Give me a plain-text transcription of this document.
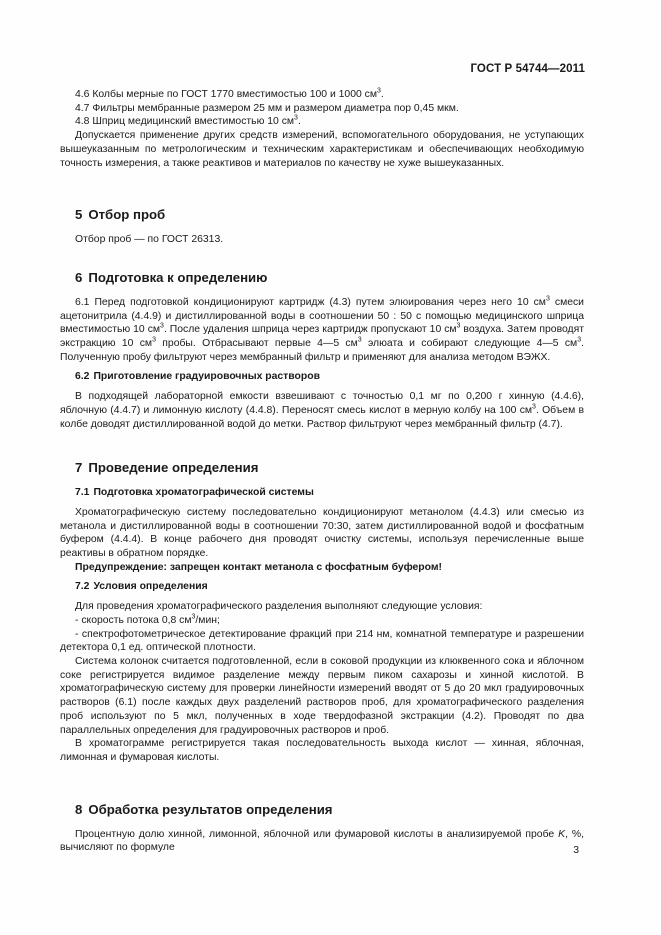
ГОСТ Р 54744—2011

4.6 Колбы мерные по ГОСТ 1770 вместимостью 100 и 1000 $см^3$.

4.7 Фильтры мембранные размером 25 мм и размером диаметра пор 0,45 мкм.

4.8 Шприц медицинский вместимостью 10 $см^3$.

Допускается применение других средств измерений, вспомогательного оборудования, не уступающих вышеуказанным по метрологическим и техническим характеристикам и обеспечивающих необходимую точность измерения, а также реактивов и материалов по качеству не хуже вышеуказанных.

5 Отбор проб

Отбор проб — по ГОСТ 26313.

6 Подготовка к определению

6.1 Перед подготовкой кондиционируют картридж (4.3) путем элюирования через него 10 $см^3$ смеси ацетонитрила (4.4.9) и дистиллированной воды в соотношении 50 : 50 с помощью медицинского шприца вместимостью 10 $см^3$. После удаления шприца через картридж пропускают 10 $см^3$ воздуха. Затем проводят экстракцию 10 $см^3$ пробы. Отбрасывают первые 4—5 $см^3$ элюата и собирают следующие 4—5 $см^3$. Полученную пробу фильтруют через мембранный фильтр и применяют для анализа методом ВЭЖХ.

6.2 Приготовление градуировочных растворов

В подходящей лабораторной емкости взвешивают с точностью 0,1 мг по 0,200 г хинную (4.4.6), яблочную (4.4.7) и лимонную кислоту (4.4.8). Переносят смесь кислот в мерную колбу на 100 $см^3$. Объем в колбе доводят дистиллированной водой до метки. Раствор фильтруют через мембранный фильтр (4.7).

7 Проведение определения
7.1 Подготовка хроматографической системы

Хроматографическую систему последовательно кондиционируют метанолом (4.4.3) или смесью из метанола и дистиллированной воды в соотношении 70:30, затем дистиллированной водой и фосфатным буфером (4.4.4). В конце рабочего дня проводят очистку системы, используя перечисленные выше реактивы в обратном порядке.

Предупреждение: запрещен контакт метанола с фосфатным буфером!

7.2 Условия определения

Для проведения хроматографического разделения выполняют следующие условия:

- скорость потока 0,8 $см^3$/мин;

- спектрофотометрическое детектирование фракций при 214 нм, комнатной температуре и разрешении детектора 0,1 ед. оптической плотности.

Система колонок считается подготовленной, если в соковой продукции из клюквенного сока и яблочном соке регистрируется видимое разделение между первым пиком сахарозы и хинной кислотой. В хроматографическую систему для проверки линейности измерений вводят от 5 до 20 мкл градуировочных растворов (6.1) после каждых двух разделений растворов проб, для хроматографического разделения проб используют по 5 мкл, полученных в ходе твердофазной экстракции (4.2). Проводят по два параллельных определения для градуировочных растворов и проб.

В хроматограмме регистрируется такая последовательность выхода кислот — хинная, яблочная, лимонная и фумаровая кислоты.

8 Обработка результатов определения

Процентную долю хинной, лимонной, яблочной или фумаровой кислоты в анализируемой пробе K, %, вычисляют по формуле	3
